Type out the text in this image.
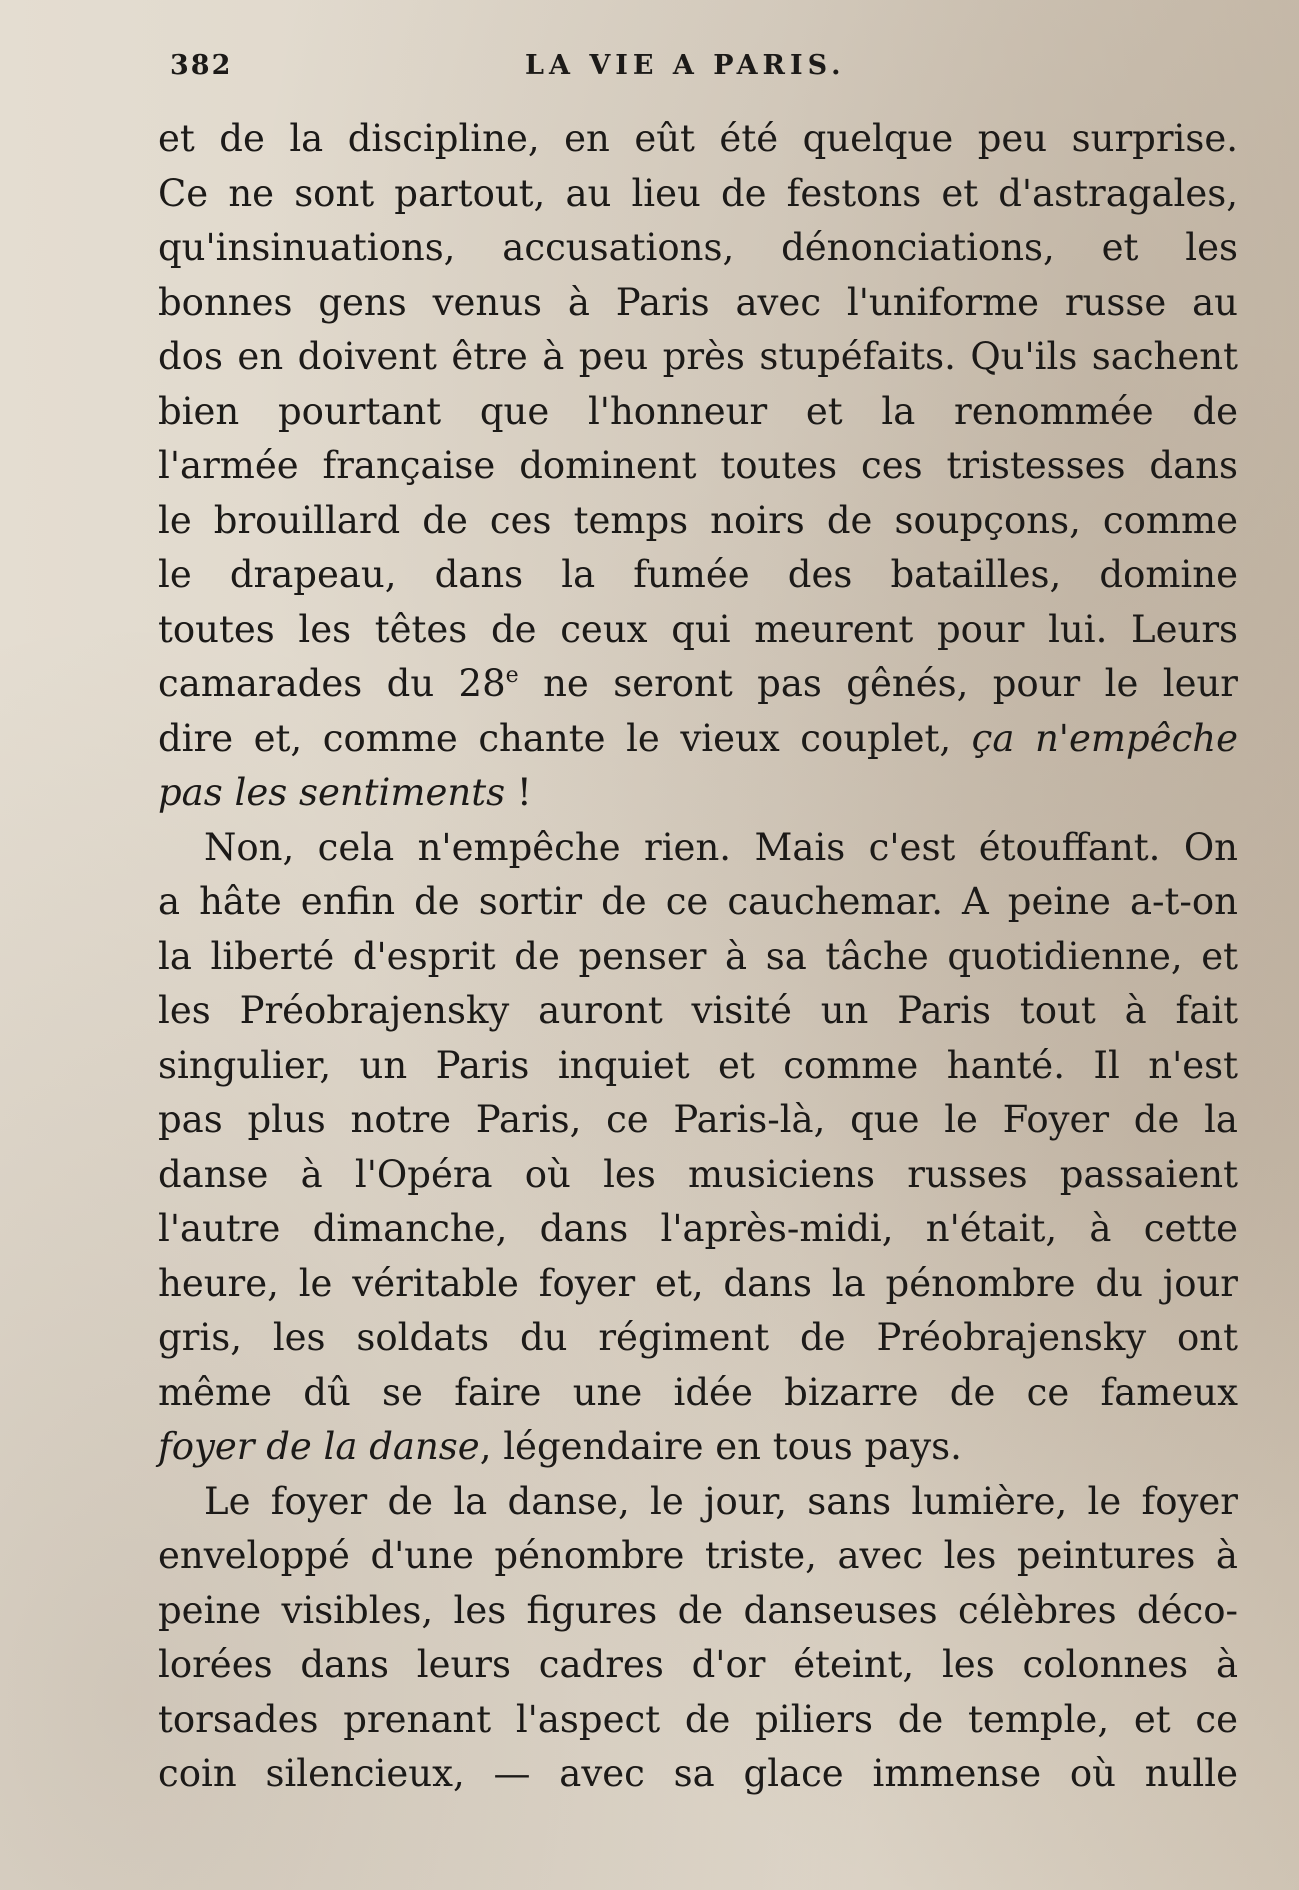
382	LA VIE A PARIS.
et de la discipline, en eût été quelque peu surprise.
Ce ne sont partout, au lieu de festons et d'astragales,
qu'insinuations, accusations, dénonciations, et les
bonnes gens venus à Paris avec l'uniforme russe au
dos en doivent être à peu près stupéfaits. Qu'ils sachent
bien pourtant que l'honneur et la renommée de
l'armée française dominent toutes ces tristesses dans
le brouillard de ces temps noirs de soupçons, comme
le drapeau, dans la fumée des batailles, domine
toutes les têtes de ceux qui meurent pour lui. Leurs
camarades du 28e ne seront pas gênés, pour le leur
dire et, comme chante le vieux couplet, ça n'empêche
pas les sentiments !
Non, cela n'empêche rien. Mais c'est étouffant. On
a hâte enfin de sortir de ce cauchemar. A peine a-t-on
la liberté d'esprit de penser à sa tâche quotidienne, et
les Préobrajensky auront visité un Paris tout à fait
singulier, un Paris inquiet et comme hanté. Il n'est
pas plus notre Paris, ce Paris-là, que le Foyer de la
danse à l'Opéra où les musiciens russes passaient
l'autre dimanche, dans l'après-midi, n'était, à cette
heure, le véritable foyer et, dans la pénombre du jour
gris, les soldats du régiment de Préobrajensky ont
même dû se faire une idée bizarre de ce fameux
foyer de la danse, légendaire en tous pays.
Le foyer de la danse, le jour, sans lumière, le foyer
enveloppé d'une pénombre triste, avec les peintures à
peine visibles, les figures de danseuses célèbres déco-
lorées dans leurs cadres d'or éteint, les colonnes à
torsades prenant l'aspect de piliers de temple, et ce
coin silencieux, — avec sa glace immense où nulle
